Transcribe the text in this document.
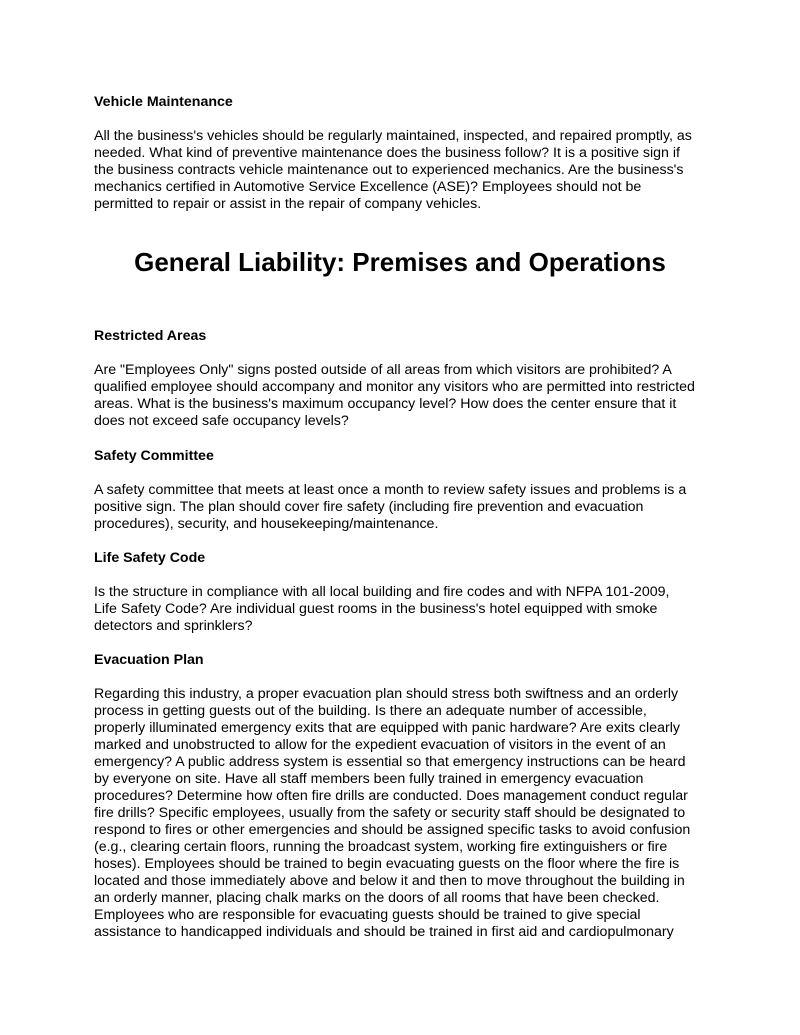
Vehicle Maintenance

All the business's vehicles should be regularly maintained, inspected, and repaired promptly, as
needed. What kind of preventive maintenance does the business follow? It is a positive sign if
the business contracts vehicle maintenance out to experienced mechanics. Are the business's
mechanics certified in Automotive Service Excellence (ASE)? Employees should not be
permitted to repair or assist in the repair of company vehicles.

General Liability: Premises and Operations
Restricted Areas

Are "Employees Only" signs posted outside of all areas from which visitors are prohibited? A
qualified employee should accompany and monitor any visitors who are permitted into restricted
areas. What is the business's maximum occupancy level? How does the center ensure that it
does not exceed safe occupancy levels?

Safety Committee

A safety committee that meets at least once a month to review safety issues and problems is a
positive sign. The plan should cover fire safety (including fire prevention and evacuation
procedures), security, and housekeeping/maintenance.

Life Safety Code

Is the structure in compliance with all local building and fire codes and with NFPA 101-2009,
Life Safety Code? Are individual guest rooms in the business's hotel equipped with smoke
detectors and sprinklers?

Evacuation Plan

Regarding this industry, a proper evacuation plan should stress both swiftness and an orderly
process in getting guests out of the building. Is there an adequate number of accessible,
properly illuminated emergency exits that are equipped with panic hardware? Are exits clearly
marked and unobstructed to allow for the expedient evacuation of visitors in the event of an
emergency? A public address system is essential so that emergency instructions can be heard
by everyone on site. Have all staff members been fully trained in emergency evacuation
procedures? Determine how often fire drills are conducted. Does management conduct regular
fire drills? Specific employees, usually from the safety or security staff should be designated to
respond to fires or other emergencies and should be assigned specific tasks to avoid confusion
(e.g., clearing certain floors, running the broadcast system, working fire extinguishers or fire
hoses). Employees should be trained to begin evacuating guests on the floor where the fire is
located and those immediately above and below it and then to move throughout the building in
an orderly manner, placing chalk marks on the doors of all rooms that have been checked.
Employees who are responsible for evacuating guests should be trained to give special
assistance to handicapped individuals and should be trained in first aid and cardiopulmonary
